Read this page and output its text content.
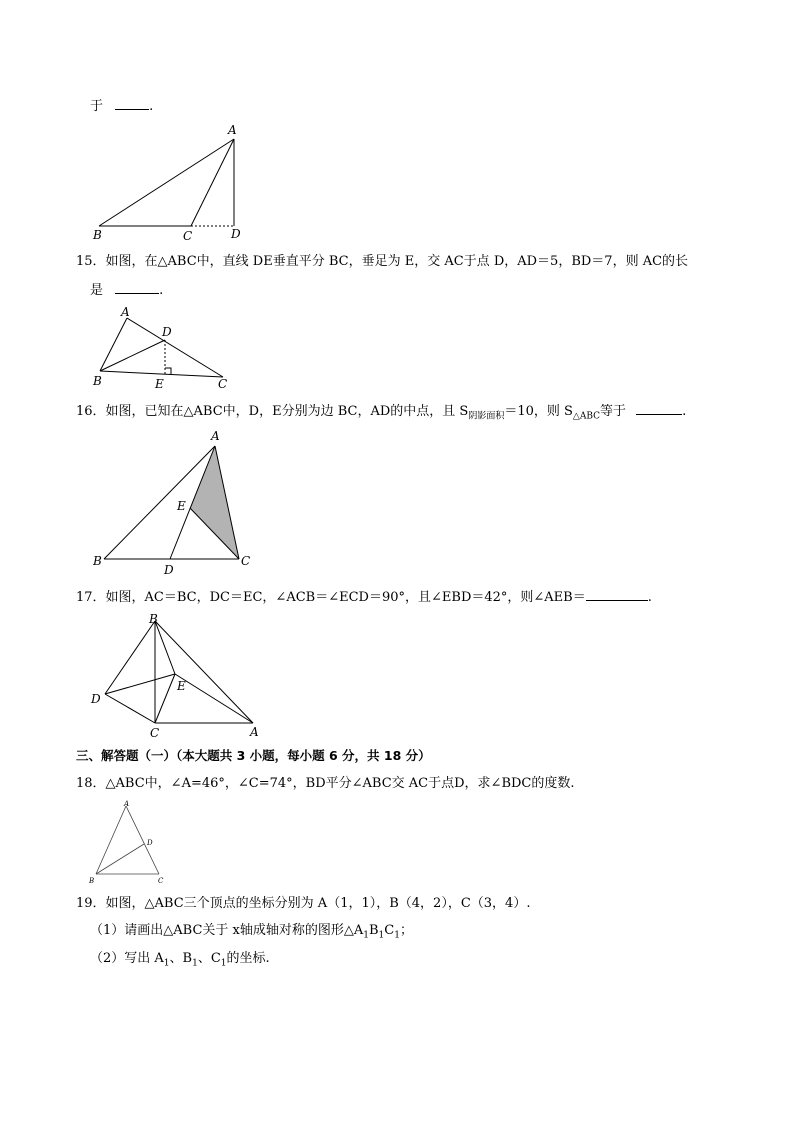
于	.
A
B	C	D
15．如图，在△ABC中，直线 DE垂直平分 BC，垂足为 E，交 AC于点 D，AD＝5，BD＝7，则 AC的长
是	.
A
B	C
D
E
16．如图，已知在△ABC中，D，E分别为边 BC，AD的中点，且 $S_{阴影面积}=10$，则 $S_{\triangle ABC}$等于	.
A
B	C
D
E
17．如图，AC＝BC，DC＝EC，∠ACB＝∠ECD＝90°，且∠EBD＝42°，则∠AEB＝	.
A
B
C
D
E
三、解答题（一）（本大题共 3 小题，每小题 6 分，共 18 分）
18．△ABC中，∠A=46°，∠C=74°，BD平分∠ABC交 AC于点D，求∠BDC的度数.
A
B	C
D
19．如图，△ABC三个顶点的坐标分别为 A（1，1），B（4，2），C（3，4）.
（1）请画出△ABC关于 x轴成轴对称的图形$\triangle A_1B_1C_1$；
（2）写出 $A_1$、$B_1$、$C_1$的坐标.
